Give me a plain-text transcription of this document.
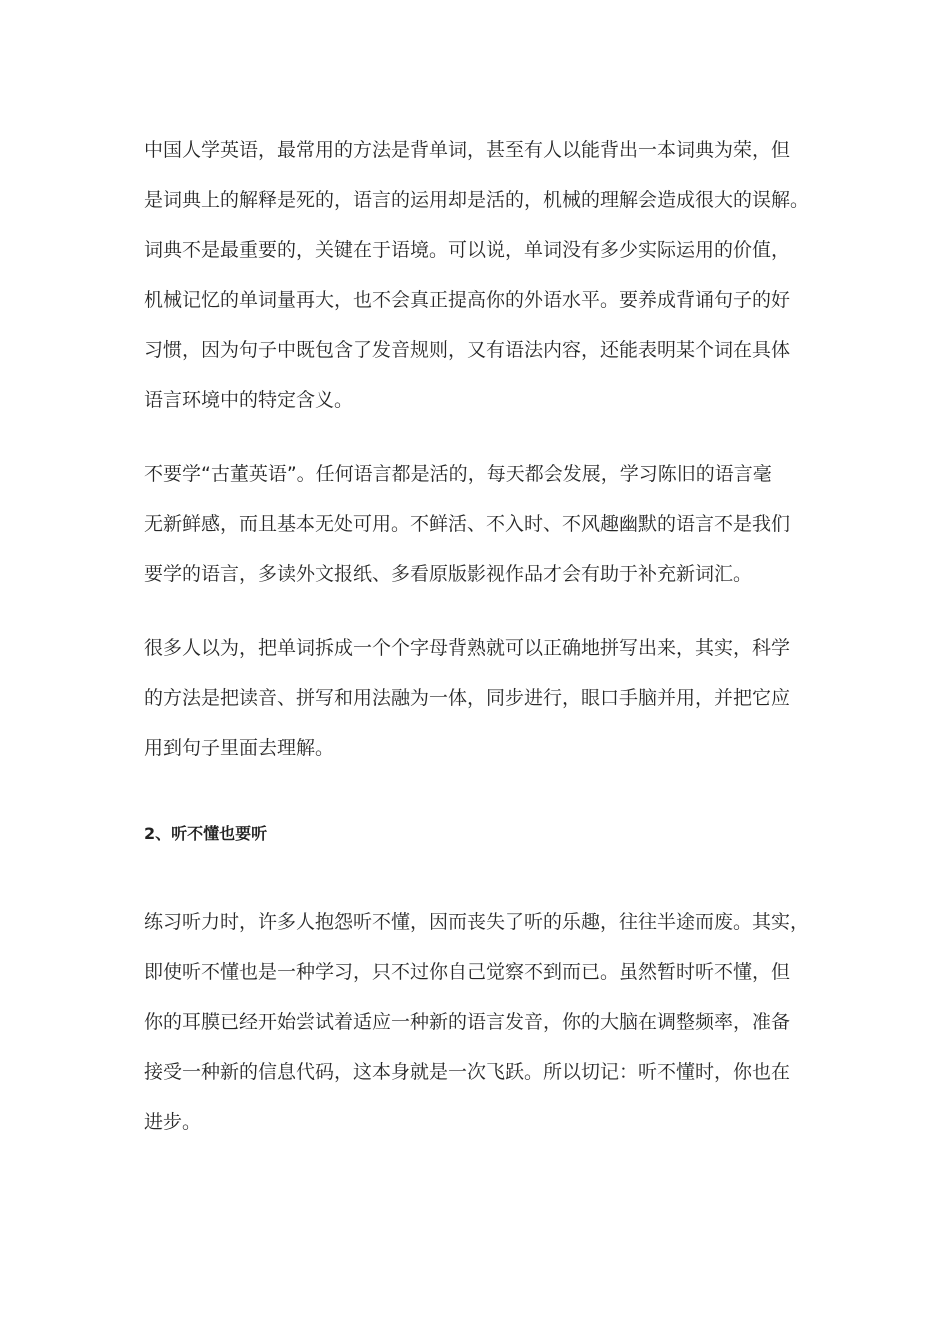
中国人学英语，最常用的方法是背单词，甚至有人以能背出一本词典为荣，但
是词典上的解释是死的，语言的运用却是活的，机械的理解会造成很大的误解。
词典不是最重要的，关键在于语境。可以说，单词没有多少实际运用的价值，
机械记忆的单词量再大，也不会真正提高你的外语水平。要养成背诵句子的好
习惯，因为句子中既包含了发音规则，又有语法内容，还能表明某个词在具体
语言环境中的特定含义。
不要学“古董英语”。任何语言都是活的，每天都会发展，学习陈旧的语言毫
无新鲜感，而且基本无处可用。不鲜活、不入时、不风趣幽默的语言不是我们
要学的语言，多读外文报纸、多看原版影视作品才会有助于补充新词汇。
很多人以为，把单词拆成一个个字母背熟就可以正确地拼写出来，其实，科学
的方法是把读音、拼写和用法融为一体，同步进行，眼口手脑并用，并把它应
用到句子里面去理解。
2、听不懂也要听
练习听力时，许多人抱怨听不懂，因而丧失了听的乐趣，往往半途而废。其实，
即使听不懂也是一种学习，只不过你自己觉察不到而已。虽然暂时听不懂，但
你的耳膜已经开始尝试着适应一种新的语言发音，你的大脑在调整频率，准备
接受一种新的信息代码，这本身就是一次飞跃。所以切记：听不懂时，你也在
进步。
